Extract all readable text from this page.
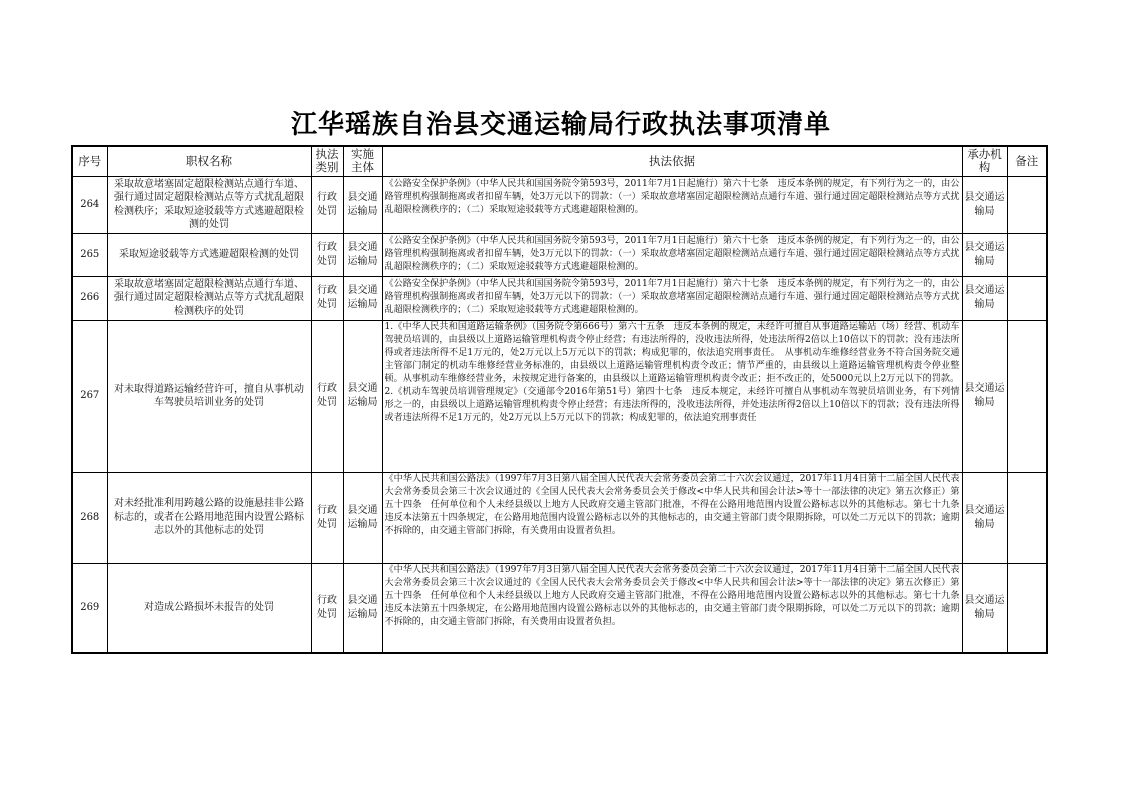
江华瑶族自治县交通运输局行政执法事项清单
序号	职权名称	执法类别	实施主体	执法依据	承办机构	备注
264	采取故意堵塞固定超限检测站点通行车道、强行通过固定超限检测站点等方式扰乱超限检测秩序；采取短途驳载等方式逃避超限检测的处罚	行政处罚	县交通运输局	《公路安全保护条例》（中华人民共和国国务院令第593号，2011年7月1日起施行）第六十七条　违反本条例的规定，有下列行为之一的，由公路管理机构强制拖离或者扣留车辆，处3万元以下的罚款：（一）采取故意堵塞固定超限检测站点通行车道、强行通过固定超限检测站点等方式扰乱超限检测秩序的；（二）采取短途驳载等方式逃避超限检测的。	县交通运输局	
265	采取短途驳载等方式逃避超限检测的处罚	行政处罚	县交通运输局	《公路安全保护条例》（中华人民共和国国务院令第593号，2011年7月1日起施行）第六十七条　违反本条例的规定，有下列行为之一的，由公路管理机构强制拖离或者扣留车辆，处3万元以下的罚款：（一）采取故意堵塞固定超限检测站点通行车道、强行通过固定超限检测站点等方式扰乱超限检测秩序的；（二）采取短途驳载等方式逃避超限检测的。	县交通运输局	
266	采取故意堵塞固定超限检测站点通行车道、强行通过固定超限检测站点等方式扰乱超限检测秩序的处罚	行政处罚	县交通运输局	《公路安全保护条例》（中华人民共和国国务院令第593号，2011年7月1日起施行）第六十七条　违反本条例的规定，有下列行为之一的，由公路管理机构强制拖离或者扣留车辆，处3万元以下的罚款：（一）采取故意堵塞固定超限检测站点通行车道、强行通过固定超限检测站点等方式扰乱超限检测秩序的；（二）采取短途驳载等方式逃避超限检测的。	县交通运输局	
267	对未取得道路运输经营许可，擅自从事机动车驾驶员培训业务的处罚	行政处罚	县交通运输局	1.《中华人民共和国道路运输条例》（国务院令第666号）第六十五条　违反本条例的规定，未经许可擅自从事道路运输站（场）经营、机动车驾驶员培训的，由县级以上道路运输管理机构责令停止经营；有违法所得的，没收违法所得，处违法所得2倍以上10倍以下的罚款；没有违法所得或者违法所得不足1万元的，处2万元以上5万元以下的罚款；构成犯罪的，依法追究刑事责任。　从事机动车维修经营业务不符合国务院交通主管部门制定的机动车维修经营业务标准的，由县级以上道路运输管理机构责令改正；情节严重的，由县级以上道路运输管理机构责令停业整顿。从事机动车维修经营业务，未按规定进行备案的，由县级以上道路运输管理机构责令改正；拒不改正的，处5000元以上2万元以下的罚款。
2.《机动车驾驶员培训管理规定》（交通部令2016年第51号）第四十七条　违反本规定，未经许可擅自从事机动车驾驶员培训业务，有下列情形之一的，由县级以上道路运输管理机构责令停止经营；有违法所得的，没收违法所得，并处违法所得2倍以上10倍以下的罚款；没有违法所得或者违法所得不足1万元的，处2万元以上5万元以下的罚款；构成犯罪的，依法追究刑事责任	县交通运输局	
268	对未经批准利用跨越公路的设施悬挂非公路标志的，或者在公路用地范围内设置公路标志以外的其他标志的处罚	行政处罚	县交通运输局	《中华人民共和国公路法》（1997年7月3日第八届全国人民代表大会常务委员会第二十六次会议通过，2017年11月4日第十二届全国人民代表大会常务委员会第三十次会议通过的《全国人民代表大会常务委员会关于修改<中华人民共和国会计法>等十一部法律的决定》第五次修正）第五十四条　任何单位和个人未经县级以上地方人民政府交通主管部门批准，不得在公路用地范围内设置公路标志以外的其他标志。第七十九条　违反本法第五十四条规定，在公路用地范围内设置公路标志以外的其他标志的，由交通主管部门责令限期拆除，可以处二万元以下的罚款；逾期不拆除的，由交通主管部门拆除，有关费用由设置者负担。	县交通运输局	
269	对造成公路损坏未报告的处罚	行政处罚	县交通运输局	《中华人民共和国公路法》（1997年7月3日第八届全国人民代表大会常务委员会第二十六次会议通过，2017年11月4日第十二届全国人民代表大会常务委员会第三十次会议通过的《全国人民代表大会常务委员会关于修改<中华人民共和国会计法>等十一部法律的决定》第五次修正）第五十四条　任何单位和个人未经县级以上地方人民政府交通主管部门批准，不得在公路用地范围内设置公路标志以外的其他标志。第七十九条　违反本法第五十四条规定，在公路用地范围内设置公路标志以外的其他标志的，由交通主管部门责令限期拆除，可以处二万元以下的罚款；逾期不拆除的，由交通主管部门拆除，有关费用由设置者负担。	县交通运输局	
